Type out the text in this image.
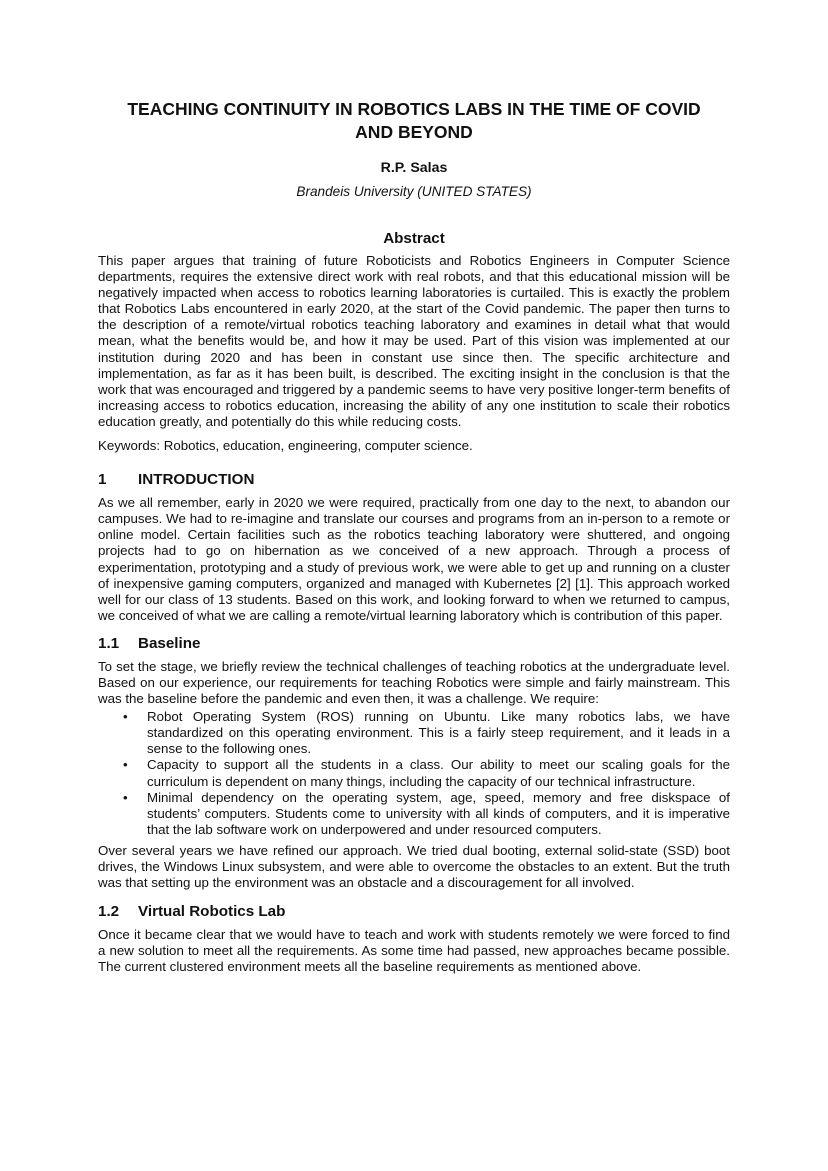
TEACHING CONTINUITY IN ROBOTICS LABS IN THE TIME OF COVID AND BEYOND
R.P. Salas
Brandeis University (UNITED STATES)
Abstract

This paper argues that training of future Roboticists and Robotics Engineers in Computer Science departments, requires the extensive direct work with real robots, and that this educational mission will be negatively impacted when access to robotics learning laboratories is curtailed. This is exactly the problem that Robotics Labs encountered in early 2020, at the start of the Covid pandemic. The paper then turns to the description of a remote/virtual robotics teaching laboratory and examines in detail what that would mean, what the benefits would be, and how it may be used. Part of this vision was implemented at our institution during 2020 and has been in constant use since then. The specific architecture and implementation, as far as it has been built, is described. The exciting insight in the conclusion is that the work that was encouraged and triggered by a pandemic seems to have very positive longer-term benefits of increasing access to robotics education, increasing the ability of any one institution to scale their robotics education greatly, and potentially do this while reducing costs.

Keywords: Robotics, education, engineering, computer science.

1	INTRODUCTION

As we all remember, early in 2020 we were required, practically from one day to the next, to abandon our campuses. We had to re-imagine and translate our courses and programs from an in-person to a remote or online model. Certain facilities such as the robotics teaching laboratory were shuttered, and ongoing projects had to go on hibernation as we conceived of a new approach. Through a process of experimentation, prototyping and a study of previous work, we were able to get up and running on a cluster of inexpensive gaming computers, organized and managed with Kubernetes [2] [1]. This approach worked well for our class of 13 students. Based on this work, and looking forward to when we returned to campus, we conceived of what we are calling a remote/virtual learning laboratory which is contribution of this paper.

1.1	Baseline

To set the stage, we briefly review the technical challenges of teaching robotics at the undergraduate level. Based on our experience, our requirements for teaching Robotics were simple and fairly mainstream. This was the baseline before the pandemic and even then, it was a challenge. We require:

•	Robot Operating System (ROS) running on Ubuntu. Like many robotics labs, we have standardized on this operating environment. This is a fairly steep requirement, and it leads in a sense to the following ones.
•	Capacity to support all the students in a class. Our ability to meet our scaling goals for the curriculum is dependent on many things, including the capacity of our technical infrastructure.
•	Minimal dependency on the operating system, age, speed, memory and free diskspace of students’ computers. Students come to university with all kinds of computers, and it is imperative that the lab software work on underpowered and under resourced computers.

Over several years we have refined our approach. We tried dual booting, external solid-state (SSD) boot drives, the Windows Linux subsystem, and were able to overcome the obstacles to an extent. But the truth was that setting up the environment was an obstacle and a discouragement for all involved.

1.2	Virtual Robotics Lab

Once it became clear that we would have to teach and work with students remotely we were forced to find a new solution to meet all the requirements. As some time had passed, new approaches became possible. The current clustered environment meets all the baseline requirements as mentioned above.
